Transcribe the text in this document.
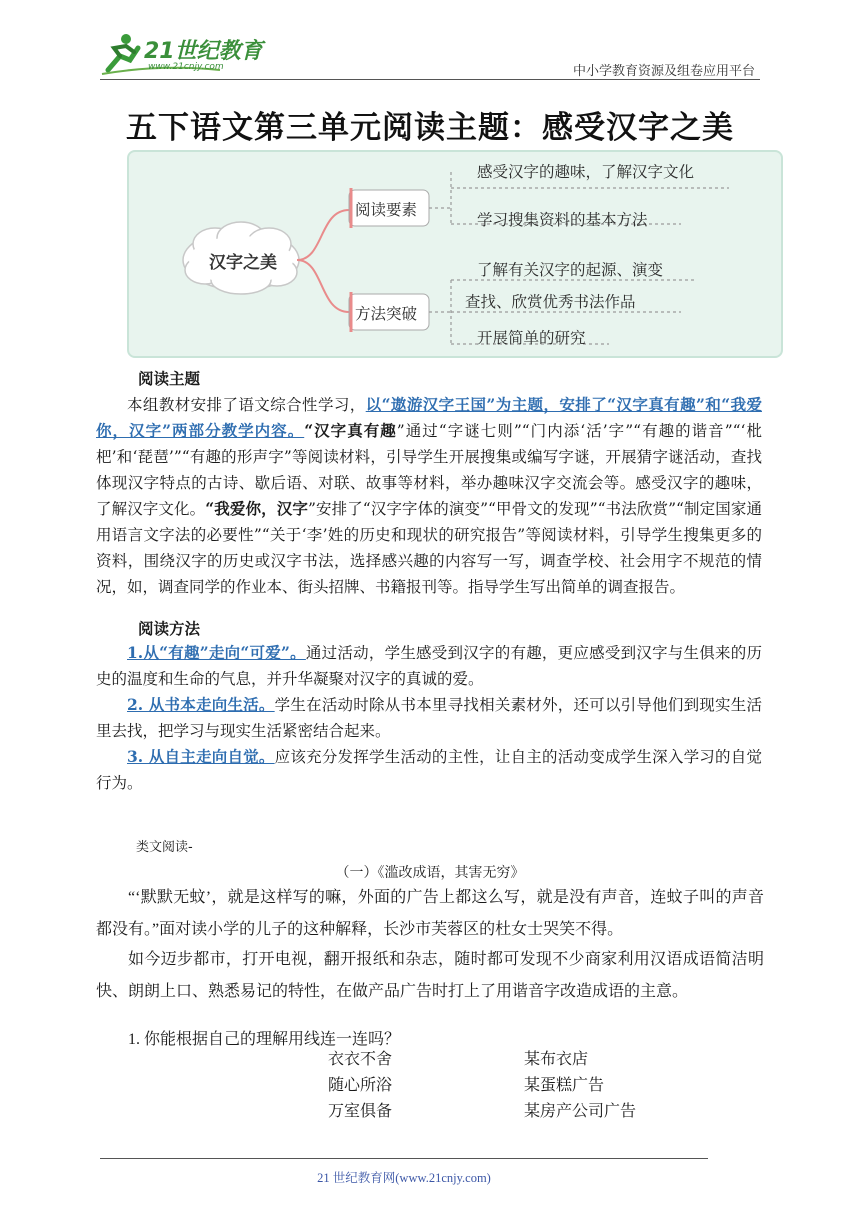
21世纪教育
www.21cnjy.com	中小学教育资源及组卷应用平台
五下语文第三单元阅读主题：感受汉字之美
汉字之美
阅读要素
感受汉字的趣味，了解汉字文化
学习搜集资料的基本方法
方法突破
了解有关汉字的起源、演变
查找、欣赏优秀书法作品
开展简单的研究
阅读主题
本组教材安排了语文综合性学习，以“遨游汉字王国”为主题，安排了“汉字真有趣”和“我爱你，汉字”两部分教学内容。“汉字真有趣”通过“字谜七则”“门内添‘活’字”“有趣的谐音”“‘枇杷’和‘琵琶’”“有趣的形声字”等阅读材料，引导学生开展搜集或编写字谜，开展猜字谜活动，查找体现汉字特点的古诗、歇后语、对联、故事等材料，举办趣味汉字交流会等。感受汉字的趣味，了解汉字文化。“我爱你，汉字”安排了“汉字字体的演变”“甲骨文的发现”“书法欣赏”“制定国家通用语言文字法的必要性”“关于‘李’姓的历史和现状的研究报告”等阅读材料，引导学生搜集更多的资料，围绕汉字的历史或汉字书法，选择感兴趣的内容写一写，调查学校、社会用字不规范的情况，如，调查同学的作业本、街头招牌、书籍报刊等。指导学生写出简单的调查报告。
阅读方法
1.从“有趣”走向“可爱”。通过活动，学生感受到汉字的有趣，更应感受到汉字与生俱来的历史的温度和生命的气息，并升华凝聚对汉字的真诚的爱。
2. 从书本走向生活。学生在活动时除从书本里寻找相关素材外，还可以引导他们到现实生活里去找，把学习与现实生活紧密结合起来。
3. 从自主走向自觉。应该充分发挥学生活动的主性，让自主的活动变成学生深入学习的自觉行为。
类文阅读-
（一）《滥改成语，其害无穷》
“‘默默无蚊’，就是这样写的嘛，外面的广告上都这么写，就是没有声音，连蚊子叫的声音都没有。”面对读小学的儿子的这种解释，长沙市芙蓉区的杜女士哭笑不得。
如今迈步都市，打开电视，翻开报纸和杂志，随时都可发现不少商家利用汉语成语简洁明快、朗朗上口、熟悉易记的特性，在做产品广告时打上了用谐音字改造成语的主意。
1. 你能根据自己的理解用线连一连吗？
衣衣不舍
随心所浴
万室俱备
某布衣店
某蛋糕广告
某房产公司广告
21 世纪教育网(www.21cnjy.com)
